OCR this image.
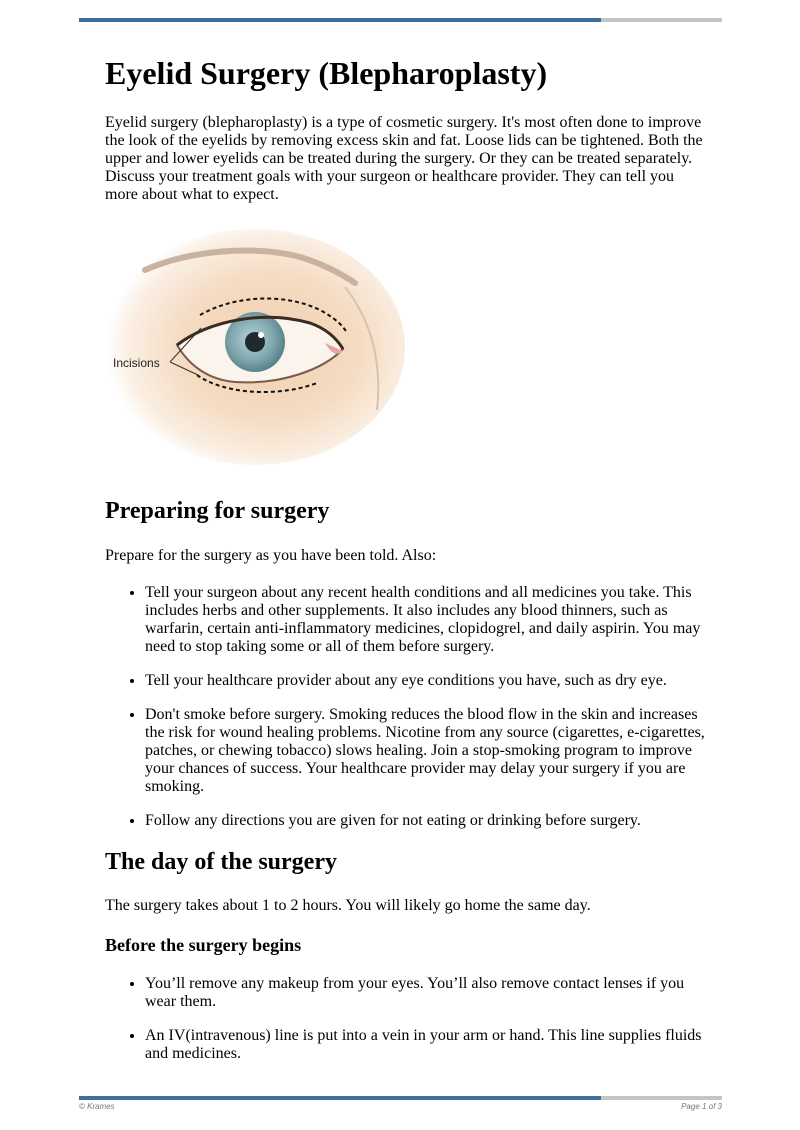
Eyelid Surgery (Blepharoplasty)

Eyelid surgery (blepharoplasty) is a type of cosmetic surgery. It's most often done to improve the look of the eyelids by removing excess skin and fat. Loose lids can be tightened. Both the upper and lower eyelids can be treated during the surgery. Or they can be treated separately. Discuss your treatment goals with your surgeon or healthcare provider. They can tell you more about what to expect.

Incisions
Preparing for surgery

Prepare for the surgery as you have been told. Also:

• Tell your surgeon about any recent health conditions and all medicines you take. This includes herbs and other supplements. It also includes any blood thinners, such as warfarin, certain anti-inflammatory medicines, clopidogrel, and daily aspirin. You may need to stop taking some or all of them before surgery.
• Tell your healthcare provider about any eye conditions you have, such as dry eye.
• Don't smoke before surgery. Smoking reduces the blood flow in the skin and increases the risk for wound healing problems. Nicotine from any source (cigarettes, e-cigarettes, patches, or chewing tobacco) slows healing. Join a stop-smoking program to improve your chances of success. Your healthcare provider may delay your surgery if you are smoking.
• Follow any directions you are given for not eating or drinking before surgery.
The day of the surgery

The surgery takes about 1 to 2 hours. You will likely go home the same day.

Before the surgery begins
• You’ll remove any makeup from your eyes. You’ll also remove contact lenses if you wear them.
• An IV(intravenous) line is put into a vein in your arm or hand. This line supplies fluids and medicines.
© Krames	Page 1 of 3
